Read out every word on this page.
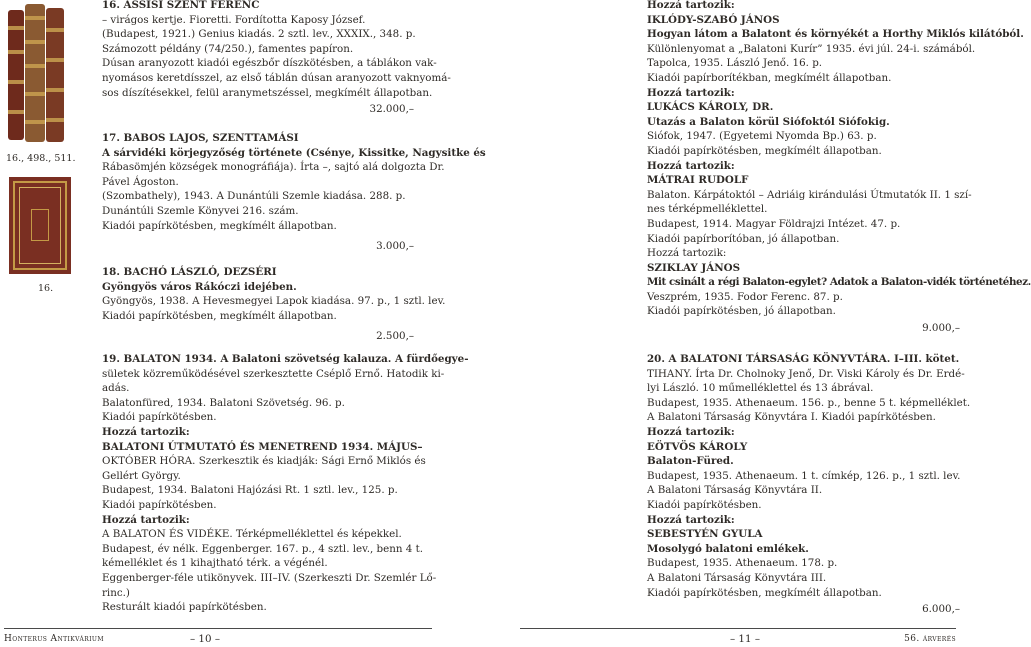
16., 498., 511.
16.
16. ASSISI SZENT FERENC
– virágos kertje. Fioretti. Fordította Kaposy József.
(Budapest, 1921.) Genius kiadás. 2 sztl. lev., XXXIX., 348. p.
Számozott példány (74/250.), famentes papíron.
Dúsan aranyozott kiadói egészbőr díszkötésben, a táblákon vak-
nyomásos keretdísszel, az első táblán dúsan aranyozott vaknyomá-
sos díszítésekkel, felül aranymetszéssel, megkímélt állapotban.
32.000,–
17. BABOS LAJOS, SZENTTAMÁSI
A sárvidéki körjegyzőség története (Csénye, Kissitke, Nagysitke és
Rábasömjén községek monográfiája). Írta –, sajtó alá dolgozta Dr.
Pável Ágoston.
(Szombathely), 1943. A Dunántúli Szemle kiadása. 288. p.
Dunántúli Szemle Könyvei 216. szám.
Kiadói papírkötésben, megkímélt állapotban.
3.000,–
18. BACHÓ LÁSZLÓ, DEZSÉRI
Gyöngyös város Rákóczi idejében.
Gyöngyös, 1938. A Hevesmegyei Lapok kiadása. 97. p., 1 sztl. lev.
Kiadói papírkötésben, megkímélt állapotban.
2.500,–
19. BALATON 1934. A Balatoni szövetség kalauza. A fürdőegye-
sületek közreműködésével szerkesztette Cséplő Ernő. Hatodik ki-
adás.
Balatonfüred, 1934. Balatoni Szövetség. 96. p.
Kiadói papírkötésben.
Hozzá tartozik:
BALATONI ÚTMUTATÓ ÉS MENETREND 1934. MÁJUS–
OKTÓBER HÓRA. Szerkesztik és kiadják: Sági Ernő Miklós és
Gellért György.
Budapest, 1934. Balatoni Hajózási Rt. 1 sztl. lev., 125. p.
Kiadói papírkötésben.
Hozzá tartozik:
A BALATON ÉS VIDÉKE. Térképmelléklettel és képekkel.
Budapest, év nélk. Eggenberger. 167. p., 4 sztl. lev., benn 4 t.
kémelléklet és 1 kihajtható térk. a végénél.
Eggenberger-féle utikönyvek. III–IV. (Szerkeszti Dr. Szemlér Lő-
rinc.)
Resturált kiadói papírkötésben.
Hozzá tartozik:
IKLÓDY-SZABÓ JÁNOS
Hogyan látom a Balatont és környékét a Horthy Miklós kilátóból.
Különlenyomat a „Balatoni Kurír” 1935. évi júl. 24-i. számából.
Tapolca, 1935. László Jenő. 16. p.
Kiadói papírborítékban, megkímélt állapotban.
Hozzá tartozik:
LUKÁCS KÁROLY, DR.
Utazás a Balaton körül Siófoktól Siófokig.
Siófok, 1947. (Egyetemi Nyomda Bp.) 63. p.
Kiadói papírkötésben, megkímélt állapotban.
Hozzá tartozik:
MÁTRAI RUDOLF
Balaton. Kárpátoktól – Adriáig kirándulási Útmutatók II. 1 szí-
nes térképmelléklettel.
Budapest, 1914. Magyar Földrajzi Intézet. 47. p.
Kiadói papírborítóban, jó állapotban.
Hozzá tartozik:
SZIKLAY JÁNOS
Mit csinált a régi Balaton-egylet? Adatok a Balaton-vidék történetéhez.
Veszprém, 1935. Fodor Ferenc. 87. p.
Kiadói papírkötésben, jó állapotban.
9.000,–
20. A BALATONI TÁRSASÁG KÖNYVTÁRA. I–III. kötet.
TIHANY. Írta Dr. Cholnoky Jenő, Dr. Viski Károly és Dr. Erdé-
lyi László. 10 műmelléklettel és 13 ábrával.
Budapest, 1935. Athenaeum. 156. p., benne 5 t. képmelléklet.
A Balatoni Társaság Könyvtára I. Kiadói papírkötésben.
Hozzá tartozik:
EÖTVÖS KÁROLY
Balaton-Füred.
Budapest, 1935. Athenaeum. 1 t. címkép, 126. p., 1 sztl. lev.
A Balatoni Társaság Könyvtára II.
Kiadói papírkötésben.
Hozzá tartozik:
SEBESTYÉN GYULA
Mosolygó balatoni emlékek.
Budapest, 1935. Athenaeum. 178. p.
A Balatoni Társaság Könyvtára III.
Kiadói papírkötésben, megkímélt állapotban.
6.000,–
Honterus Antikvárium	– 10 –	– 11 –	56. árverés
